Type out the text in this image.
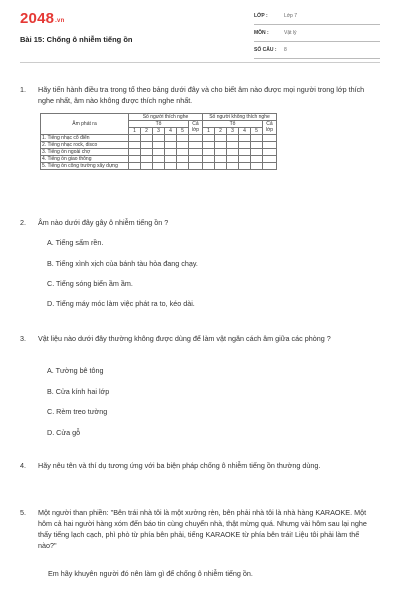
2048.vn
Bài 15: Chống ô nhiễm tiếng ồn
LỚP :	Lớp 7
MÔN :	Vật lý
SỐ CÂU : 8
1. Hãy tiến hành điều tra trong tổ theo bảng dưới đây và cho biết âm nào được mọi người trong lớp thích nghe nhất, âm nào không được thích nghe nhất.
Âm phát ra	Số người thích nghe						Số người không thích nghe					
	Tổ					Cả lớp	Tổ					Cả lớp
	1	2	3	4	5		1	2	3	4	5	
1. Tiếng nhạc cổ điển												
2. Tiếng nhạc rock, disco												
3. Tiếng ồn ngoài chợ												
4. Tiếng ồn giao thông												
5. Tiếng ồn công trường xây dựng												
2. Âm nào dưới đây gây ô nhiễm tiếng ồn ?
A. Tiếng sấm rền.
B. Tiếng xình xịch của bánh tàu hỏa đang chạy.
C. Tiếng sóng biển ầm ầm.
D. Tiếng máy móc làm việc phát ra to, kéo dài.
3. Vật liệu nào dưới đây thường không được dùng để làm vật ngăn cách âm giữa các phòng ?
A. Tường bê tông
B. Cửa kính hai lớp
C. Rèm treo tường
D. Cửa gỗ
4. Hãy nêu tên và thí dụ tương ứng với ba biện pháp chống ô nhiễm tiếng ồn thường dùng.
5. Một người than phiền: "Bên trái nhà tôi là một xưởng rèn, bên phải nhà tôi là nhà hàng KARAOKE. Một hôm cả hai người hàng xóm đến báo tin cùng chuyển nhà, thật mừng quá. Nhưng vài hôm sau lại nghe thấy tiếng lạch cạch, phì phò từ phía bên phải, tiếng KARAOKE từ phía bên trái! Liệu tôi phải làm thế nào?"
Em hãy khuyên người đó nên làm gì để chống ô nhiễm tiếng ồn.
